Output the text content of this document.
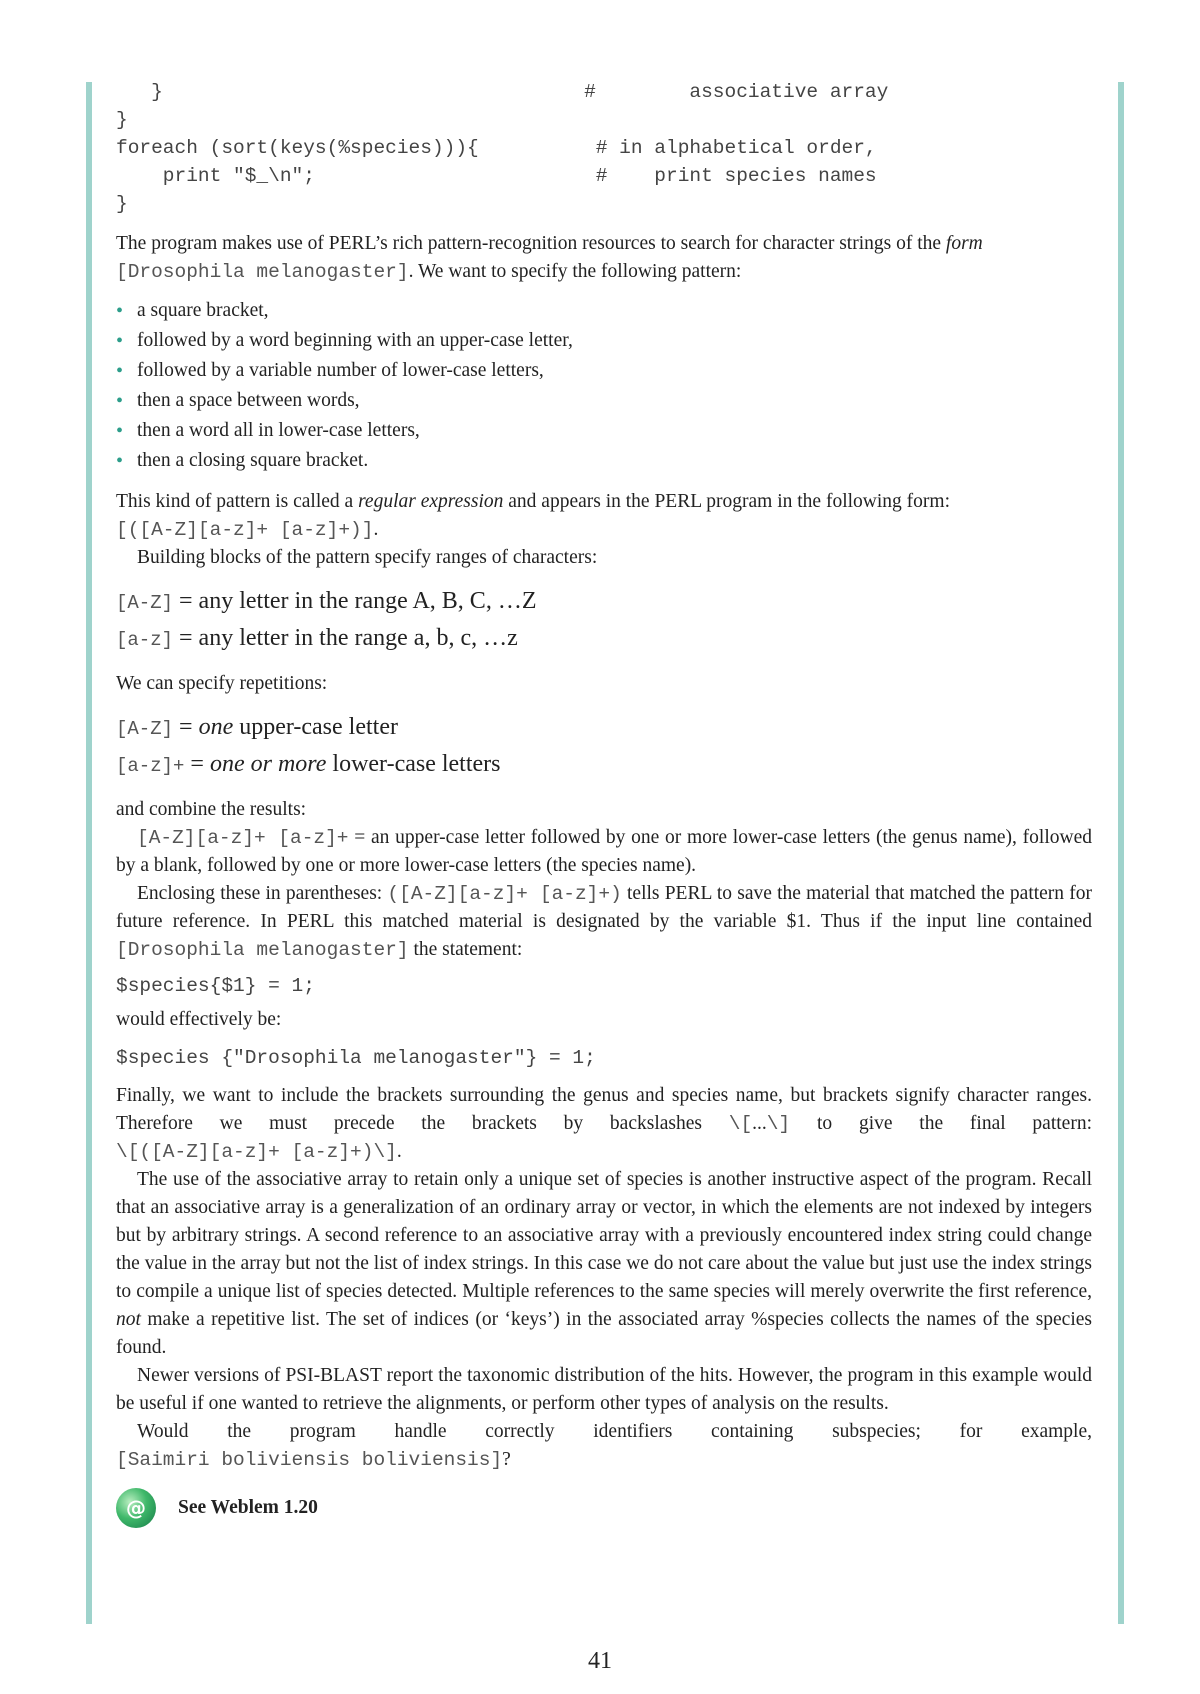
}                                    #        associative array
}
foreach (sort(keys(%species))){          # in alphabetical order,
print "$_\n";                        #    print species names
}

The program makes use of PERL’s rich pattern-recognition resources to search for character strings of the form
[Drosophila melanogaster]. We want to specify the following pattern:

• a square bracket,
• followed by a word beginning with an upper-case letter,
• followed by a variable number of lower-case letters,
• then a space between words,
• then a word all in lower-case letters,
• then a closing square bracket.

This kind of pattern is called a regular expression and appears in the PERL program in the following form:
[([A-Z][a-z]+ [a-z]+)].

Building blocks of the pattern specify ranges of characters:

[A-Z] = any letter in the range A, B, C, …Z
[a-z] = any letter in the range a, b, c, …z

We can specify repetitions:

[A-Z] = one upper-case letter
[a-z]+ = one or more lower-case letters

and combine the results:

[A-Z][a-z]+ [a-z]+ = an upper-case letter followed by one or more lower-case letters (the genus name), followed by a blank, followed by one or more lower-case letters (the species name).

Enclosing these in parentheses: ([A-Z][a-z]+ [a-z]+) tells PERL to save the material that matched the pattern for future reference. In PERL this matched material is designated by the variable $1. Thus if the input line contained [Drosophila melanogaster] the statement:

$species{$1} = 1;

would effectively be:

$species {"Drosophila melanogaster"} = 1;

Finally, we want to include the brackets surrounding the genus and species name, but brackets signify character ranges. Therefore we must precede the brackets by backslashes \[...\] to give the final pattern: \[([A-Z][a-z]+ [a-z]+)\].

The use of the associative array to retain only a unique set of species is another instructive aspect of the program. Recall that an associative array is a generalization of an ordinary array or vector, in which the elements are not indexed by integers but by arbitrary strings. A second reference to an associative array with a previously encountered index string could change the value in the array but not the list of index strings. In this case we do not care about the value but just use the index strings to compile a unique list of species detected. Multiple references to the same species will merely overwrite the first reference, not make a repetitive list. The set of indices (or ‘keys’) in the associated array %species collects the names of the species found.

Newer versions of PSI-BLAST report the taxonomic distribution of the hits. However, the program in this example would be useful if one wanted to retrieve the alignments, or perform other types of analysis on the results.

Would the program handle correctly identifiers containing subspecies; for example, [Saimiri boliviensis boliviensis]?

@	See Weblem 1.20
41
